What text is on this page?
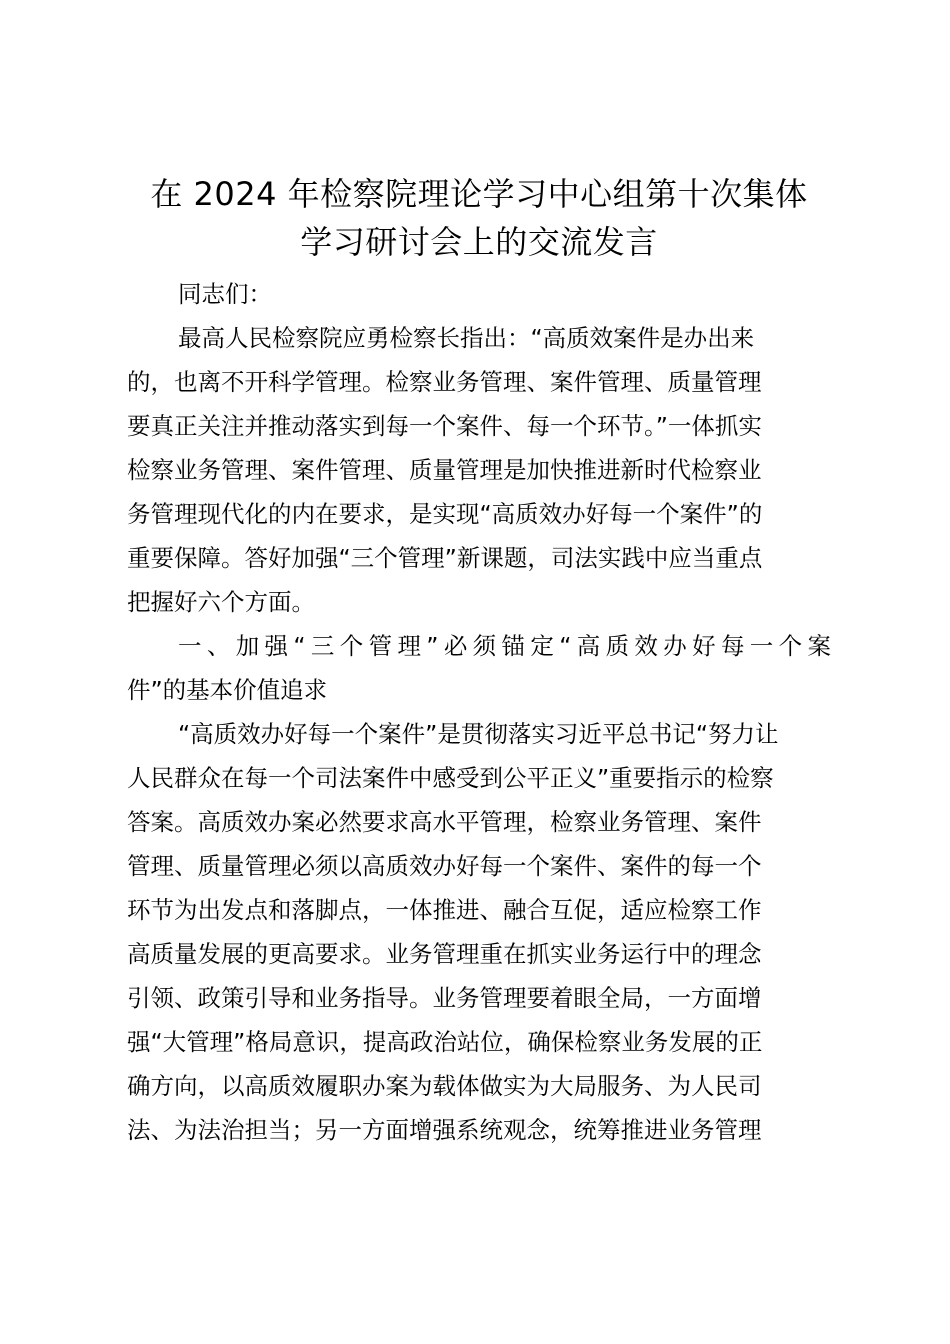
在 2024 年检察院理论学习中心组第十次集体
学习研讨会上的交流发言

同志们：

最高人民检察院应勇检察长指出：“高质效案件是办出来
的，也离不开科学管理。检察业务管理、案件管理、质量管理
要真正关注并推动落实到每一个案件、每一个环节。”一体抓实
检察业务管理、案件管理、质量管理是加快推进新时代检察业
务管理现代化的内在要求，是实现“高质效办好每一个案件”的
重要保障。答好加强“三个管理”新课题，司法实践中应当重点
把握好六个方面。

一、加强“三个管理”必须锚定“高质效办好每一个案
件”的基本价值追求

“高质效办好每一个案件”是贯彻落实习近平总书记“努力让
人民群众在每一个司法案件中感受到公平正义”重要指示的检察
答案。高质效办案必然要求高水平管理，检察业务管理、案件
管理、质量管理必须以高质效办好每一个案件、案件的每一个
环节为出发点和落脚点，一体推进、融合互促，适应检察工作
高质量发展的更高要求。业务管理重在抓实业务运行中的理念
引领、政策引导和业务指导。业务管理要着眼全局，一方面增
强“大管理”格局意识，提高政治站位，确保检察业务发展的正
确方向，以高质效履职办案为载体做实为大局服务、为人民司
法、为法治担当；另一方面增强系统观念，统筹推进业务管理
